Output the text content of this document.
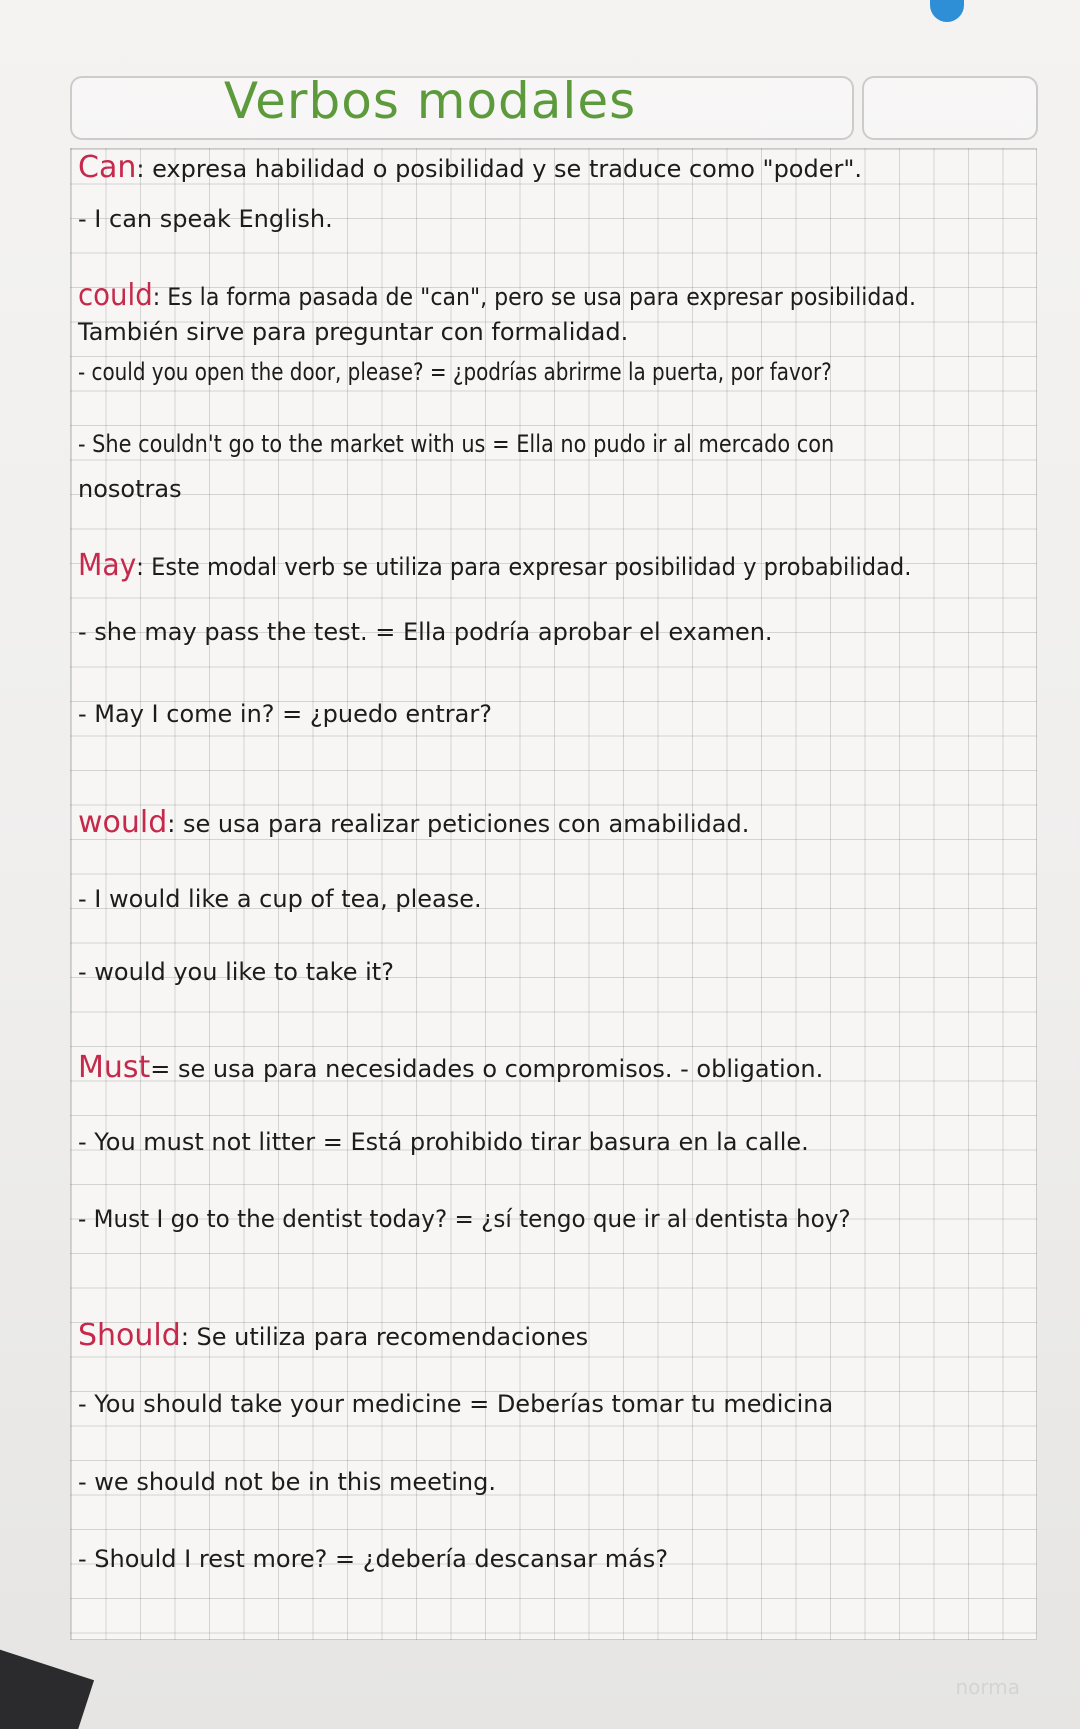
Verbos modales
Can: expresa habilidad o posibilidad y se traduce como "poder".
- I can speak English.
could: Es la forma pasada de "can", pero se usa para expresar posibilidad.
También sirve para preguntar con formalidad.
- could you open the door, please? = ¿podrías abrirme la puerta, por favor?
- She couldn't go to the market with us = Ella no pudo ir al mercado con
nosotras
May: Este modal verb se utiliza para expresar posibilidad y probabilidad.
- she may pass the test. = Ella podría aprobar el examen.
- May I come in? = ¿puedo entrar?
would: se usa para realizar peticiones con amabilidad.
- I would like a cup of tea, please.
- would you like to take it?
Must= se usa para necesidades o compromisos. - obligation.
- You must not litter = Está prohibido tirar basura en la calle.
- Must I go to the dentist today? = ¿sí tengo que ir al dentista hoy?
Should: Se utiliza para recomendaciones
- You should take your medicine = Deberías tomar tu medicina
- we should not be in this meeting.
- Should I rest more? = ¿debería descansar más?
norma
